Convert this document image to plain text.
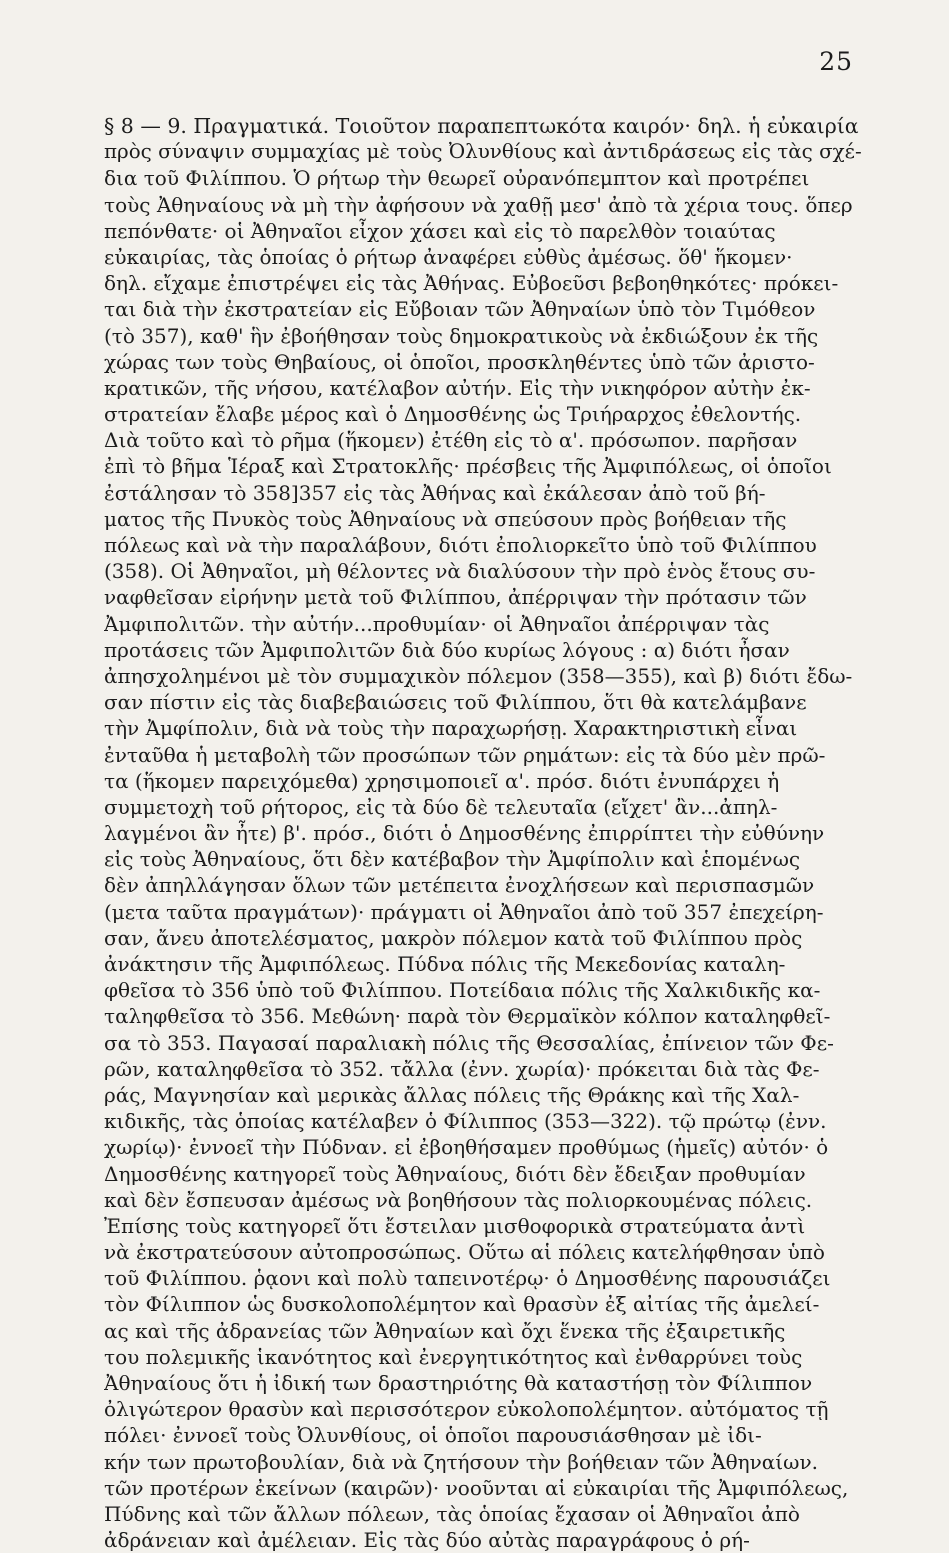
25
§ 8 — 9. Πραγματικά. Τοιοῦτον παραπεπτωκότα καιρόν· δηλ. ἡ εὐκαιρία
πρὸς σύναψιν συμμαχίας μὲ τοὺς Ὀλυνθίους καὶ ἀντιδράσεως εἰς τὰς σχέ-
δια τοῦ Φιλίππου. Ὁ ρήτωρ τὴν θεωρεῖ οὐρανόπεμπτον καὶ προτρέπει
τοὺς Ἀθηναίους νὰ μὴ τὴν ἀφήσουν νὰ χαθῇ μεσ' ἀπὸ τὰ χέρια τους. ὅπερ
πεπόνθατε· οἱ Ἀθηναῖοι εἶχον χάσει καὶ εἰς τὸ παρελθὸν τοιαύτας
εὐκαιρίας, τὰς ὁποίας ὁ ρήτωρ ἀναφέρει εὐθὺς ἀμέσως. ὅθ' ἥκομεν·
δηλ. εἴχαμε ἐπιστρέψει εἰς τὰς Ἀθήνας. Εὐβοεῦσι βεβοηθηκότες· πρόκει-
ται διὰ τὴν ἐκστρατείαν εἰς Εὔβοιαν τῶν Ἀθηναίων ὑπὸ τὸν Τιμόθεον
(τὸ 357), καθ' ἣν ἐβοήθησαν τοὺς δημοκρατικοὺς νὰ ἐκδιώξουν ἐκ τῆς
χώρας των τοὺς Θηβαίους, οἱ ὁποῖοι, προσκληθέντες ὑπὸ τῶν ἀριστο-
κρατικῶν, τῆς νήσου, κατέλαβον αὐτήν. Εἰς τὴν νικηφόρον αὐτὴν ἐκ-
στρατείαν ἔλαβε μέρος καὶ ὁ Δημοσθένης ὡς Τριήραρχος ἐθελοντής.
Διὰ τοῦτο καὶ τὸ ρῆμα (ἥκομεν) ἐτέθη εἰς τὸ α'. πρόσωπον. παρῆσαν
ἐπὶ τὸ βῆμα Ἱέραξ καὶ Στρατοκλῆς· πρέσβεις τῆς Ἀμφιπόλεως, οἱ ὁποῖοι
ἐστάλησαν τὸ 358]357 εἰς τὰς Ἀθήνας καὶ ἐκάλεσαν ἀπὸ τοῦ βή-
ματος τῆς Πνυκὸς τοὺς Ἀθηναίους νὰ σπεύσουν πρὸς βοήθειαν τῆς
πόλεως καὶ νὰ τὴν παραλάβουν, διότι ἐπολιορκεῖτο ὑπὸ τοῦ Φιλίππου
(358). Οἱ Ἀθηναῖοι, μὴ θέλοντες νὰ διαλύσουν τὴν πρὸ ἑνὸς ἔτους συ-
ναφθεῖσαν εἰρήνην μετὰ τοῦ Φιλίππου, ἀπέρριψαν τὴν πρότασιν τῶν
Ἀμφιπολιτῶν. τὴν αὐτήν...προθυμίαν· οἱ Ἀθηναῖοι ἀπέρριψαν τὰς
προτάσεις τῶν Ἀμφιπολιτῶν διὰ δύο κυρίως λόγους : α) διότι ἦσαν
ἀπησχολημένοι μὲ τὸν συμμαχικὸν πόλεμον (358—355), καὶ β) διότι ἔδω-
σαν πίστιν εἰς τὰς διαβεβαιώσεις τοῦ Φιλίππου, ὅτι θὰ κατελάμβανε
τὴν Ἀμφίπολιν, διὰ νὰ τοὺς τὴν παραχωρήσῃ. Χαρακτηριστικὴ εἶναι
ἐνταῦθα ἡ μεταβολὴ τῶν προσώπων τῶν ρημάτων: εἰς τὰ δύο μὲν πρῶ-
τα (ἥκομεν παρειχόμεθα) χρησιμοποιεῖ α'. πρόσ. διότι ἐνυπάρχει ἡ
συμμετοχὴ τοῦ ρήτορος, εἰς τὰ δύο δὲ τελευταῖα (εἴχετ' ἂν...ἀπηλ-
λαγμένοι ἂν ἦτε) β'. πρόσ., διότι ὁ Δημοσθένης ἐπιρρίπτει τὴν εὐθύνην
εἰς τοὺς Ἀθηναίους, ὅτι δὲν κατέβαβον τὴν Ἀμφίπολιν καὶ ἑπομένως
δὲν ἀπηλλάγησαν ὅλων τῶν μετέπειτα ἐνοχλήσεων καὶ περισπασμῶν
(μετα ταῦτα πραγμάτων)· πράγματι οἱ Ἀθηναῖοι ἀπὸ τοῦ 357 ἐπεχείρη-
σαν, ἄνευ ἀποτελέσματος, μακρὸν πόλεμον κατὰ τοῦ Φιλίππου πρὸς
ἀνάκτησιν τῆς Ἀμφιπόλεως. Πύδνα πόλις τῆς Μεκεδονίας καταλη-
φθεῖσα τὸ 356 ὑπὸ τοῦ Φιλίππου. Ποτείδαια πόλις τῆς Χαλκιδικῆς κα-
ταληφθεῖσα τὸ 356. Μεθώνη· παρὰ τὸν Θερμαϊκὸν κόλπον καταληφθεῖ-
σα τὸ 353. Παγασαί παραλιακὴ πόλις τῆς Θεσσαλίας, ἐπίνειον τῶν Φε-
ρῶν, καταληφθεῖσα τὸ 352. τἄλλα (ἐνν. χωρία)· πρόκειται διὰ τὰς Φε-
ράς, Μαγνησίαν καὶ μερικὰς ἄλλας πόλεις τῆς Θράκης καὶ τῆς Χαλ-
κιδικῆς, τὰς ὁποίας κατέλαβεν ὁ Φίλιππος (353—322). τῷ πρώτῳ (ἐνν.
χωρίῳ)· ἐννοεῖ τὴν Πύδναν. εἰ ἐβοηθήσαμεν προθύμως (ἡμεῖς) αὐτόν· ὁ
Δημοσθένης κατηγορεῖ τοὺς Ἀθηναίους, διότι δὲν ἔδειξαν προθυμίαν
καὶ δὲν ἔσπευσαν ἀμέσως νὰ βοηθήσουν τὰς πολιορκουμένας πόλεις.
Ἐπίσης τοὺς κατηγορεῖ ὅτι ἔστειλαν μισθοφορικὰ στρατεύματα ἀντὶ
νὰ ἐκστρατεύσουν αὐτοπροσώπως. Οὕτω αἱ πόλεις κατελήφθησαν ὑπὸ
τοῦ Φιλίππου. ῥᾳονι καὶ πολὺ ταπεινοτέρῳ· ὁ Δημοσθένης παρουσιάζει
τὸν Φίλιππον ὡς δυσκολοπολέμητον καὶ θρασὺν ἐξ αἰτίας τῆς ἀμελεί-
ας καὶ τῆς ἀδρανείας τῶν Ἀθηναίων καὶ ὄχι ἕνεκα τῆς ἐξαιρετικῆς
του πολεμικῆς ἱκανότητος καὶ ἐνεργητικότητος καὶ ἐνθαρρύνει τοὺς
Ἀθηναίους ὅτι ἡ ἰδική των δραστηριότης θὰ καταστήσῃ τὸν Φίλιππον
ὀλιγώτερον θρασὺν καὶ περισσότερον εὐκολοπολέμητον. αὐτόματος τῇ
πόλει· ἐννοεῖ τοὺς Ὀλυνθίους, οἱ ὁποῖοι παρουσιάσθησαν μὲ ἰδι-
κήν των πρωτοβουλίαν, διὰ νὰ ζητήσουν τὴν βοήθειαν τῶν Ἀθηναίων.
τῶν προτέρων ἐκείνων (καιρῶν)· νοοῦνται αἱ εὐκαιρίαι τῆς Ἀμφιπόλεως,
Πύδνης καὶ τῶν ἄλλων πόλεων, τὰς ὁποίας ἔχασαν οἱ Ἀθηναῖοι ἀπὸ
ἀδράνειαν καὶ ἀμέλειαν. Εἰς τὰς δύο αὐτὰς παραγράφους ὁ ρή-
